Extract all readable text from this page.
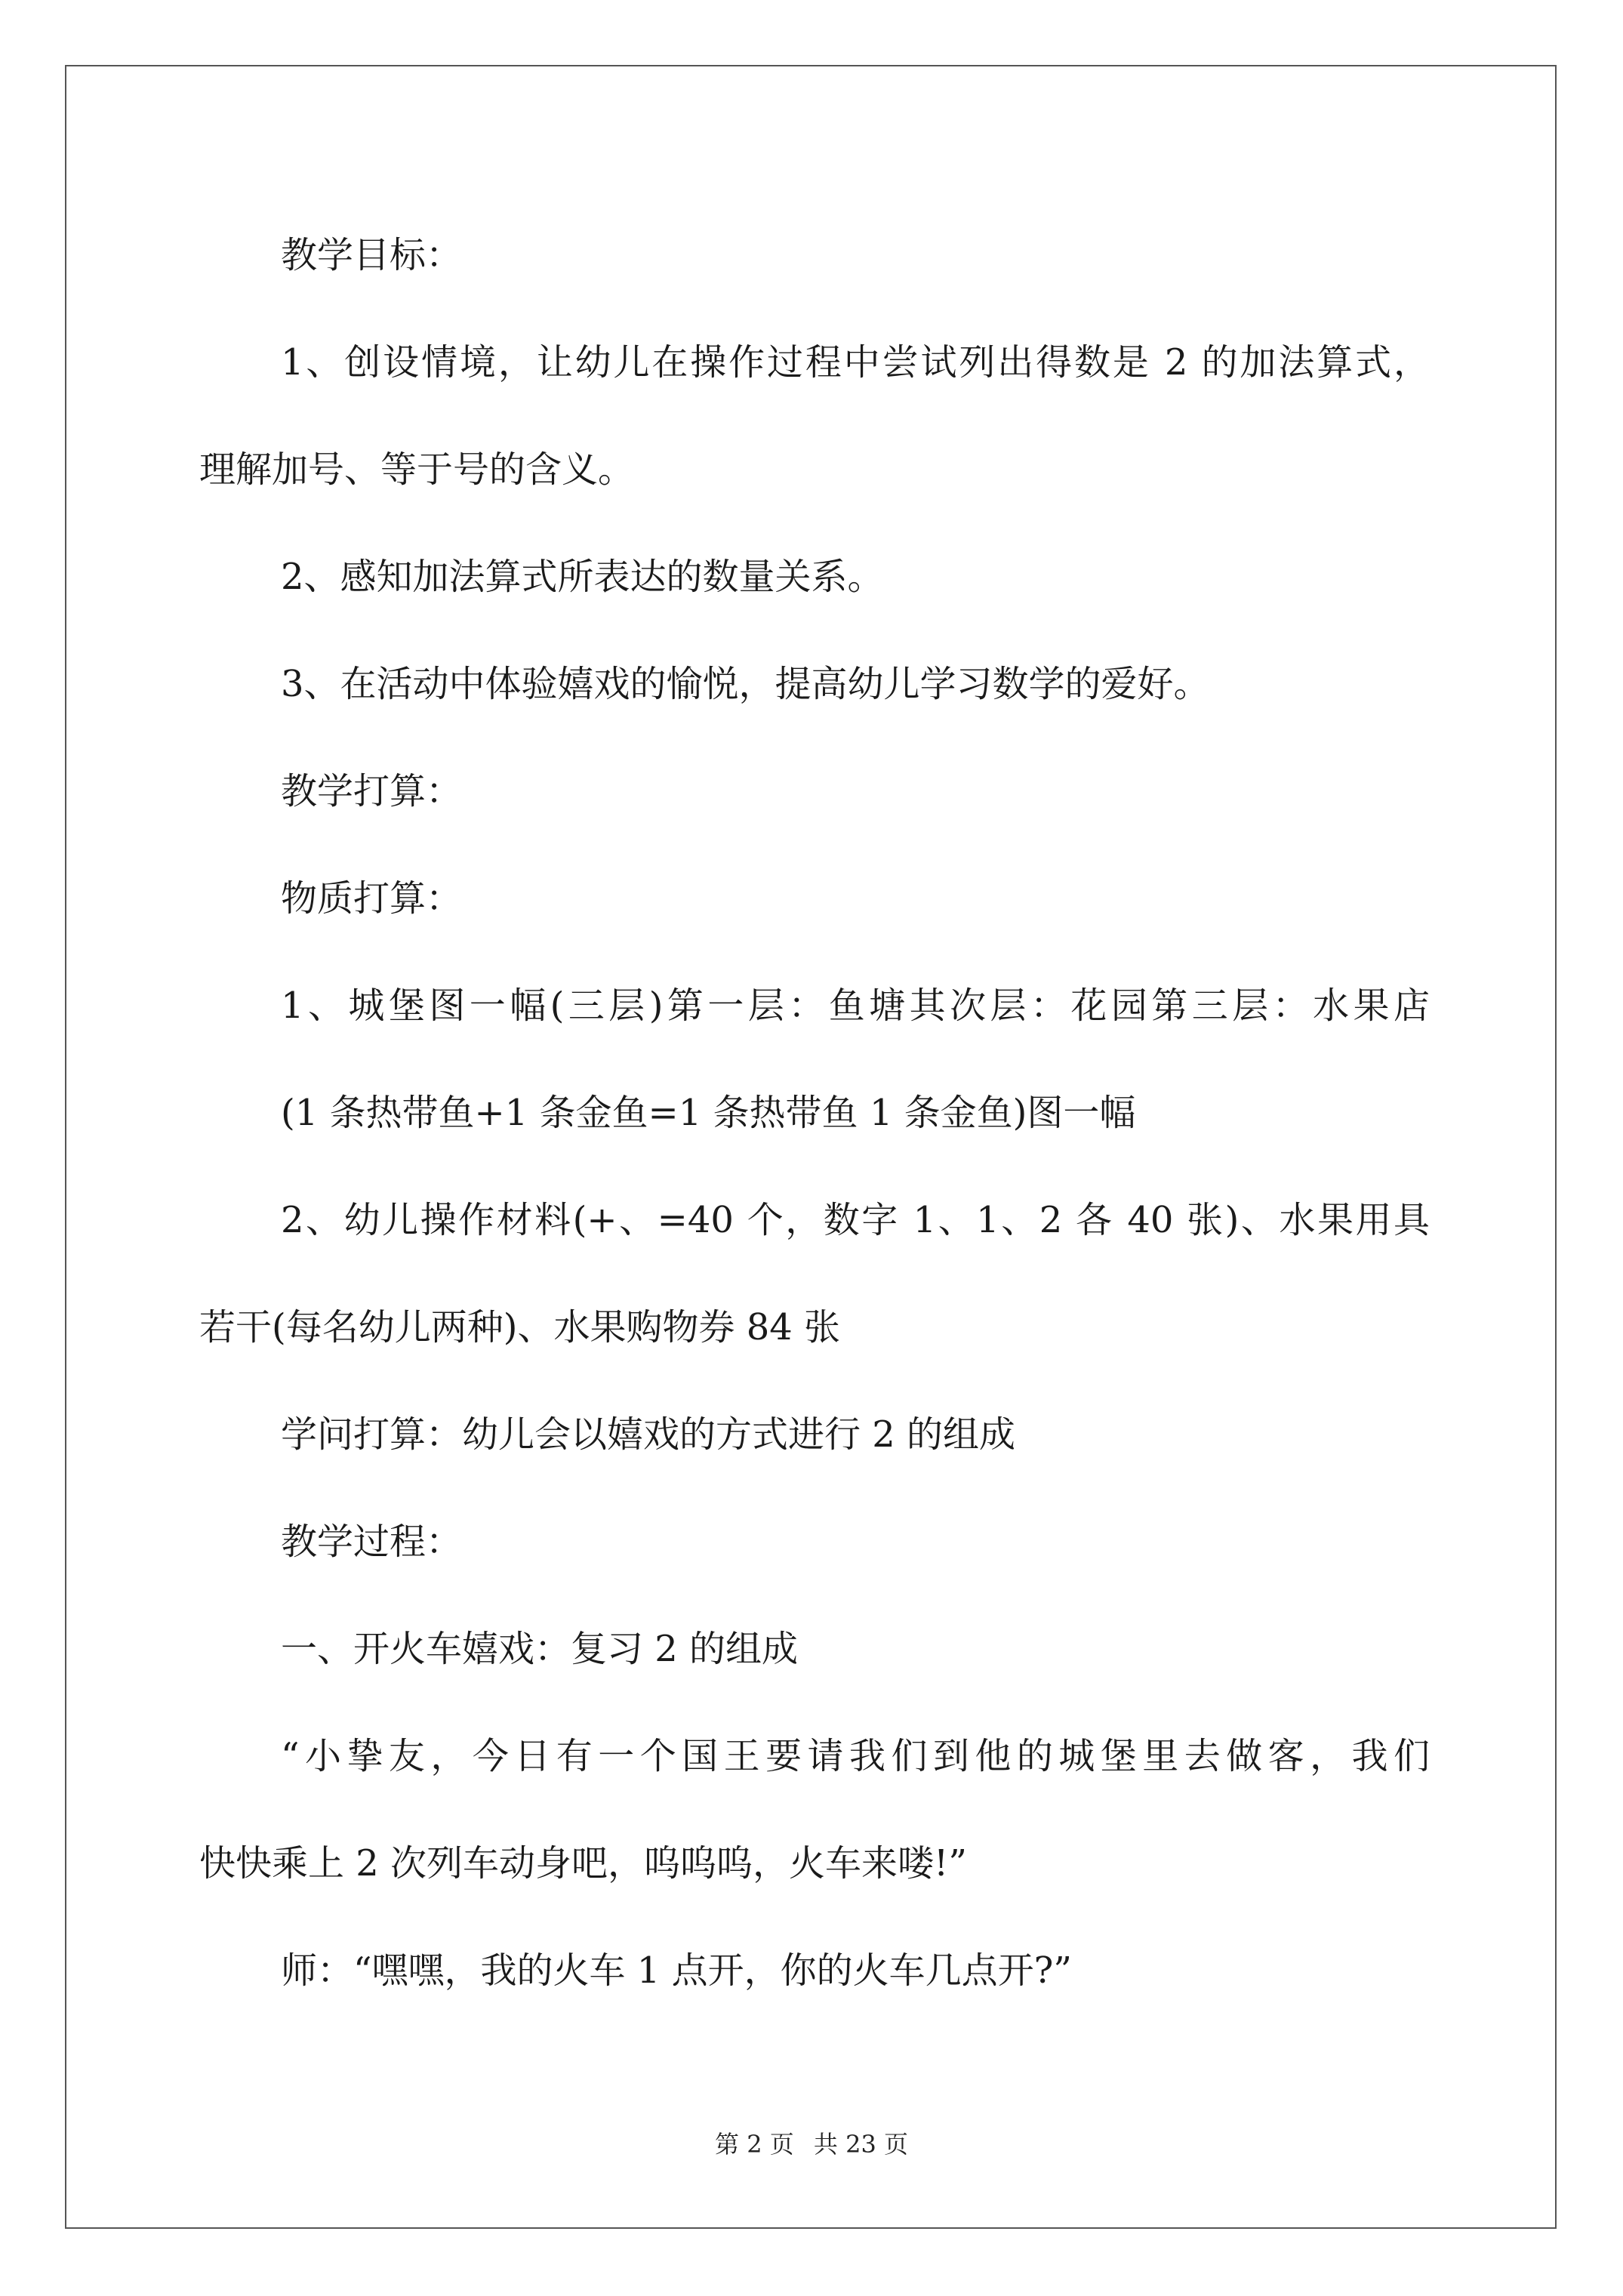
教学目标：
1、创设情境，让幼儿在操作过程中尝试列出得数是 2 的加法算式，
理解加号、等于号的含义。
2、感知加法算式所表达的数量关系。
3、在活动中体验嬉戏的愉悦，提高幼儿学习数学的爱好。
教学打算：
物质打算：
1、城堡图一幅(三层)第一层：鱼塘其次层：花园第三层：水果店
(1 条热带鱼+1 条金鱼=1 条热带鱼 1 条金鱼)图一幅
2、幼儿操作材料(+、=40 个，数字 1、1、2 各 40 张)、水果用具
若干(每名幼儿两种)、水果购物券 84 张
学问打算：幼儿会以嬉戏的方式进行 2 的组成
教学过程：
一、开火车嬉戏：复习 2 的组成
“小挚友，今日有一个国王要请我们到他的城堡里去做客，我们
快快乘上 2 次列车动身吧，呜呜呜，火车来喽!”
师：“嘿嘿，我的火车 1 点开，你的火车几点开?”
第 2 页 共 23 页
